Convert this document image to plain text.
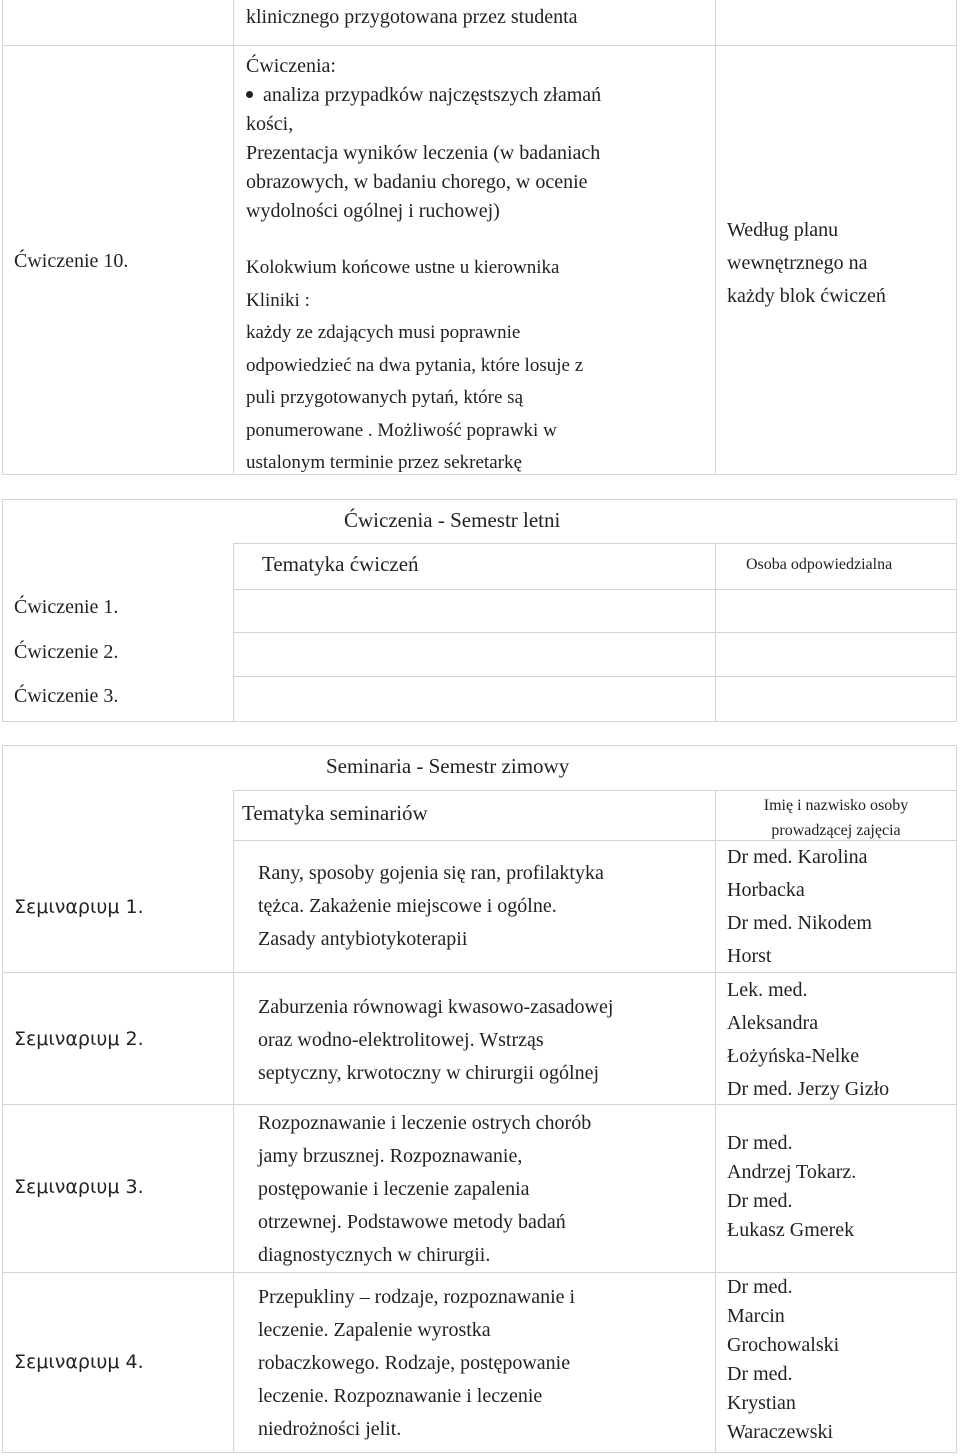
klinicznego przygotowana przez studenta
Ćwiczenie 10.
Ćwiczenia:
analiza przypadków najczęstszych złamań
kości,
Prezentacja wyników leczenia (w badaniach
obrazowych, w badaniu chorego, w ocenie
wydolności ogólnej i ruchowej)
Kolokwium końcowe ustne u kierownika
Kliniki :
każdy ze zdających musi poprawnie
odpowiedzieć na dwa pytania, które losuje z
puli przygotowanych pytań, które są
ponumerowane . Możliwość poprawki w
ustalonym terminie przez sekretarkę
Według planu
wewnętrznego na
każdy blok ćwiczeń
Ćwiczenia - Semestr letni
Tematyka ćwiczeń	Osoba odpowiedzialna
Ćwiczenie 1.
Ćwiczenie 2.
Ćwiczenie 3.
Seminaria - Semestr zimowy
Tematyka seminariów	Imię i nazwisko osoby
prowadzącej zajęcia
Σεμιναριυμ 1.
Rany, sposoby gojenia się ran, profilaktyka
tężca. Zakażenie miejscowe i ogólne.
Zasady antybiotykoterapii
Dr med. Karolina
Horbacka
Dr med. Nikodem
Horst
Σεμιναριυμ 2.
Zaburzenia równowagi kwasowo-zasadowej
oraz wodno-elektrolitowej. Wstrząs
septyczny, krwotoczny w chirurgii ogólnej
Lek. med.
Aleksandra
Łożyńska-Nelke
Dr med. Jerzy Gizło
Σεμιναριυμ 3.
Rozpoznawanie i leczenie ostrych chorób
jamy brzusznej. Rozpoznawanie,
postępowanie i leczenie zapalenia
otrzewnej. Podstawowe metody badań
diagnostycznych w chirurgii.
Dr med.
Andrzej Tokarz.
Dr med.
Łukasz Gmerek
Σεμιναριυμ 4.
Przepukliny – rodzaje, rozpoznawanie i
leczenie. Zapalenie wyrostka
robaczkowego. Rodzaje, postępowanie
leczenie. Rozpoznawanie i leczenie
niedrożności jelit.
Dr med.
Marcin
Grochowalski
Dr med.
Krystian
Waraczewski
